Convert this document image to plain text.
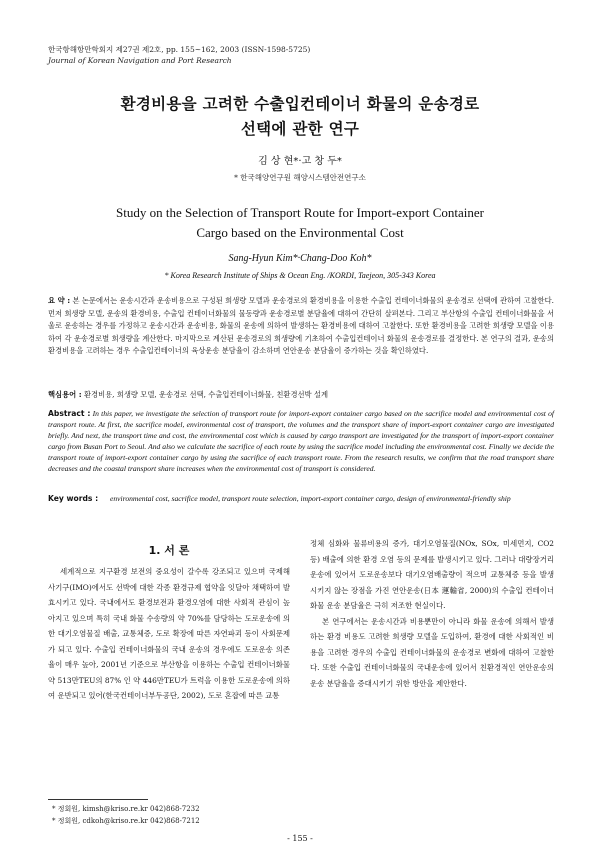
한국항해항만학회지 제27권 제2호, pp. 155~162, 2003 (ISSN-1598-5725)
Journal of Korean Navigation and Port Research
환경비용을 고려한 수출입컨테이너 화물의 운송경로
선택에 관한 연구
김 상 현*·고 창 두*
* 한국해양연구원 해양시스템안전연구소
Study on the Selection of Transport Route for Import-export Container
Cargo based on the Environmental Cost
Sang-Hyun Kim*·Chang-Doo Koh*
* Korea Research Institute of Ships & Ocean Eng. /KORDI, Taejeon, 305-343 Korea
요 약 : 본 논문에서는 운송시간과 운송비용으로 구성된 희생량 모델과 운송경로의 환경비용을 이용한 수출입 컨테이너화물의 운송경로 선택에 관하여 고찰한다. 먼저 희생량 모델, 운송의 환경비용, 수출입 컨테이너화물의 물동량과 운송경로별 분담율에 대하여 간단히 살펴본다. 그리고 부산항의 수출입 컨테이너화물을 서울로 운송하는 경우를 가정하고 운송시간과 운송비용, 화물의 운송에 의하여 발생하는 환경비용에 대하여 고찰한다. 또한 환경비용을 고려한 희생량 모델을 이용하여 각 운송경로별 희생량을 계산한다. 마지막으로 계산된 운송경로의 희생량에 기초하여 수출입컨테이너 화물의 운송경로를 결정한다. 본 연구의 결과, 운송의 환경비용을 고려하는 경우 수출입컨테이너의 육상운송 분담율이 감소하며 연안운송 분담율이 증가하는 것을 확인하였다.
핵심용어 : 환경비용, 희생량 모델, 운송경로 선택, 수출입컨테이너화물, 친환경선박 설계
Abstract : In this paper, we investigate the selection of transport route for import-export container cargo based on the sacrifice model and environmental cost of transport route. At first, the sacrifice model, environmental cost of transport, the volumes and the transport share of import-export container cargo are investigated briefly. And next, the transport time and cost, the environmental cost which is caused by cargo transport are investigated for the transport of import-export container cargo from Busan Port to Seoul. And also we calculate the sacrifice of each route by using the sacrifice model including the environmental cost. Finally we decide the transport route of import-export container cargo by using the sacrifice of each transport route. From the research results, we confirm that the road transport share decreases and the coastal transport share increases when the environmental cost of transport is considered.
Key words : environmental cost, sacrifice model, transport route selection, import-export container cargo, design of environmental-friendly ship
1. 서 론

세계적으로 지구환경 보전의 중요성이 갈수록 강조되고 있으며 국제해사기구(IMO)에서도 선박에 대한 각종 환경규제 협약을 잇달아 채택하여 발효시키고 있다. 국내에서도 환경보전과 환경오염에 대한 사회적 관심이 높아지고 있으며 특히 국내 화물 수송량의 약 70%를 담당하는 도로운송에 의한 대기오염물질 배출, 교통체증, 도로 확장에 따른 자연파괴 등이 사회문제가 되고 있다. 수출입 컨테이너화물의 국내 운송의 경우에도 도로운송 의존율이 매우 높아, 2001년 기준으로 부산항을 이용하는 수출입 컨테이너화물 약 513만TEU의 87% 인 약 446만TEU가 트럭을 이용한 도로운송에 의하여 운반되고 있어(한국컨테이너부두공단, 2002), 도로 혼잡에 따른 교통

정체 심화와 물류비용의 증가, 대기오염물질(NOx, SOx, 미세먼지, CO2 등) 배출에 의한 환경 오염 등의 문제를 발생시키고 있다. 그러나 대량장거리 운송에 있어서 도로운송보다 대기오염배출량이 적으며 교통체증 등을 발생시키지 않는 장점을 가진 연안운송(日本 運輸省, 2000)의 수출입 컨테이너화물 운송 분담율은 극히 저조한 현실이다.

본 연구에서는 운송시간과 비용뿐만이 아니라 화물 운송에 의해서 발생하는 환경 비용도 고려한 희생량 모델을 도입하여, 환경에 대한 사회적인 비용을 고려한 경우의 수출입 컨테이너화물의 운송경로 변화에 대하여 고찰한다. 또한 수출입 컨테이너화물의 국내운송에 있어서 친환경적인 연안운송의 운송 분담율을 증대시키기 위한 방안을 제안한다.

* 정회원, kimsh@kriso.re.kr 042)868-7232
* 정회원, cdkoh@kriso.re.kr 042)868-7212
- 155 -
